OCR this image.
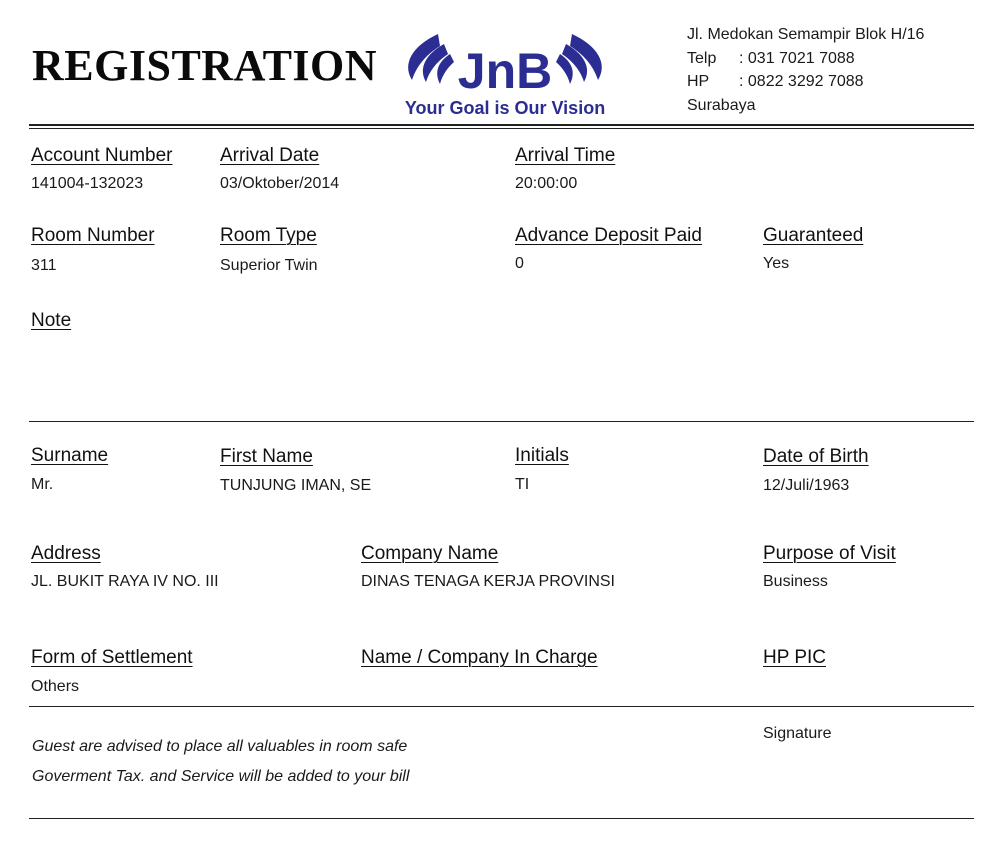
REGISTRATION JnB
Your Goal is Our Vision
Jl. Medokan Semampir Blok H/16
Telp : 031 7021 7088
HP : 0822 3292 7088
Surabaya
Account Number
141004-132023
Arrival Date
03/Oktober/2014
Arrival Time
20:00:00
Room Number
311
Room Type
Superior Twin
Advance Deposit Paid
0
Guaranteed
Yes
Note
Surname
Mr.
First Name
TUNJUNG IMAN, SE
Initials
TI
Date of Birth
12/Juli/1963
Address
JL. BUKIT RAYA IV NO. III
Company Name
DINAS TENAGA KERJA PROVINSI
Purpose of Visit
Business
Form of Settlement
Others
Name / Company In Charge	HP PIC
Guest are advised to place all valuables in room safe
Goverment Tax. and Service will be added to your bill
Signature
